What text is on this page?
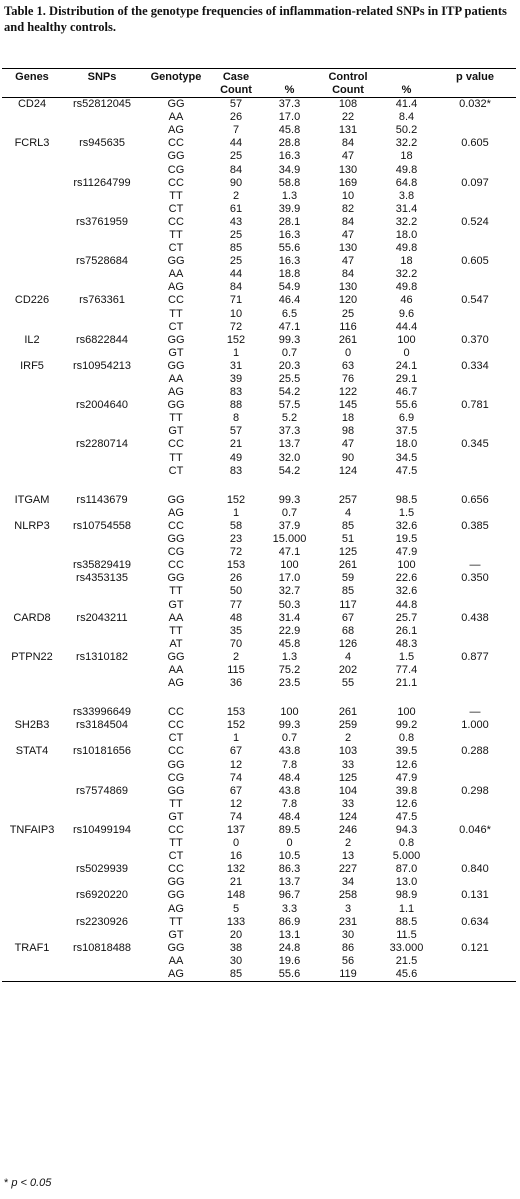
Table 1. Distribution of the genotype frequencies of inflammation-related SNPs in ITP patients and healthy controls.

Genes	SNPs	Genotype	Case		Control		p value
			Count	%	Count	%	
CD24	rs52812045	GG	57	37.3	108	41.4	0.032*
		AA	26	17.0	22	8.4	
		AG	7	45.8	131	50.2	
FCRL3	rs945635	CC	44	28.8	84	32.2	0.605
		GG	25	16.3	47	18	
		CG	84	34.9	130	49.8	
	rs11264799	CC	90	58.8	169	64.8	0.097
		TT	2	1.3	10	3.8	
		CT	61	39.9	82	31.4	
	rs3761959	CC	43	28.1	84	32.2	0.524
		TT	25	16.3	47	18.0	
		CT	85	55.6	130	49.8	
	rs7528684	GG	25	16.3	47	18	0.605
		AA	44	18.8	84	32.2	
		AG	84	54.9	130	49.8	
CD226	rs763361	CC	71	46.4	120	46	0.547
		TT	10	6.5	25	9.6	
		CT	72	47.1	116	44.4	
IL2	rs6822844	GG	152	99.3	261	100	0.370
		GT	1	0.7	0	0	
IRF5	rs10954213	GG	31	20.3	63	24.1	0.334
		AA	39	25.5	76	29.1	
		AG	83	54.2	122	46.7	
	rs2004640	GG	88	57.5	145	55.6	0.781
		TT	8	5.2	18	6.9	
		GT	57	37.3	98	37.5	
	rs2280714	CC	21	13.7	47	18.0	0.345
		TT	49	32.0	90	34.5	
		CT	83	54.2	124	47.5	

ITGAM	rs1143679	GG	152	99.3	257	98.5	0.656
		AG	1	0.7	4	1.5	
NLRP3	rs10754558	CC	58	37.9	85	32.6	0.385
		GG	23	15.000	51	19.5	
		CG	72	47.1	125	47.9	
	rs35829419	CC	153	100	261	100	—
	rs4353135	GG	26	17.0	59	22.6	0.350
		TT	50	32.7	85	32.6	
		GT	77	50.3	117	44.8	
CARD8	rs2043211	AA	48	31.4	67	25.7	0.438
		TT	35	22.9	68	26.1	
		AT	70	45.8	126	48.3	
PTPN22	rs1310182	GG	2	1.3	4	1.5	0.877
		AA	115	75.2	202	77.4	
		AG	36	23.5	55	21.1	

	rs33996649	CC	153	100	261	100	—
SH2B3	rs3184504	CC	152	99.3	259	99.2	1.000
		CT	1	0.7	2	0.8	
STAT4	rs10181656	CC	67	43.8	103	39.5	0.288
		GG	12	7.8	33	12.6	
		CG	74	48.4	125	47.9	
	rs7574869	GG	67	43.8	104	39.8	0.298
		TT	12	7.8	33	12.6	
		GT	74	48.4	124	47.5	
TNFAIP3	rs10499194	CC	137	89.5	246	94.3	0.046*
		TT	0	0	2	0.8	
		CT	16	10.5	13	5.000	
	rs5029939	CC	132	86.3	227	87.0	0.840
		GG	21	13.7	34	13.0	
	rs6920220	GG	148	96.7	258	98.9	0.131
		AG	5	3.3	3	1.1	
	rs2230926	TT	133	86.9	231	88.5	0.634
		GT	20	13.1	30	11.5	
TRAF1	rs10818488	GG	38	24.8	86	33.000	0.121
		AA	30	19.6	56	21.5	
		AG	85	55.6	119	45.6	

* p < 0.05
